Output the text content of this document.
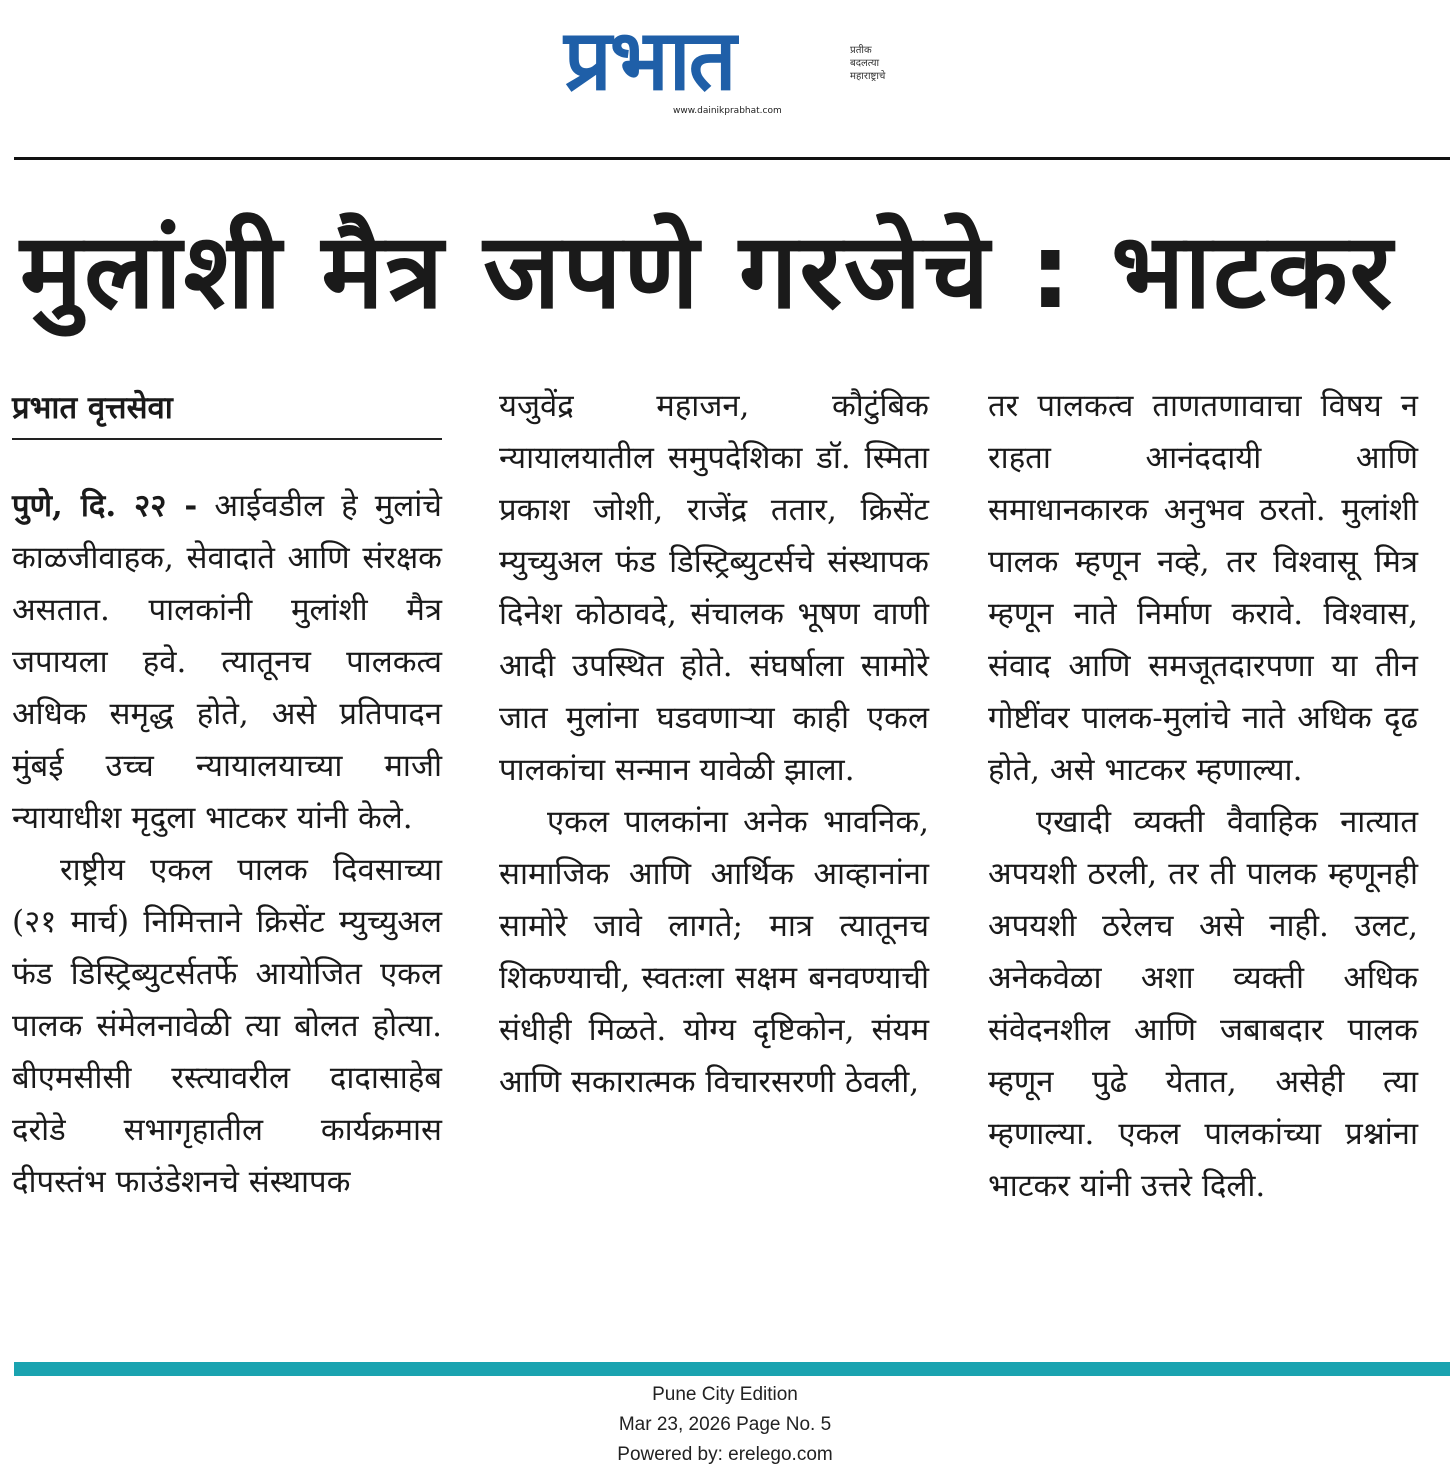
प्रभात	प्रतीक
बदलत्या
महाराष्ट्राचे
www.dainikprabhat.com
मुलांशी मैत्र जपणे गरजेचे : भाटकर
प्रभात वृत्तसेवा

पुणे, दि. २२ - आईवडील हे मुलांचे काळजीवाहक, सेवादाते आणि संरक्षक असतात. पालकांनी मुलांशी मैत्र जपायला हवे. त्यातूनच पालकत्व अधिक समृद्ध होते, असे प्रतिपादन मुंबई उच्च न्यायालयाच्या माजी न्यायाधीश मृदुला भाटकर यांनी केले.

राष्ट्रीय एकल पालक दिवसाच्या (२१ मार्च) निमित्ताने क्रिसेंट म्युच्युअल फंड डिस्ट्रिब्युटर्सतर्फे आयोजित एकल पालक संमेलनावेळी त्या बोलत होत्या. बीएमसीसी रस्त्यावरील दादासाहेब दरोडे सभागृहातील कार्यक्रमास दीपस्तंभ फाउंडेशनचे संस्थापक

यजुवेंद्र महाजन, कौटुंबिक न्यायालयातील समुपदेशिका डॉ. स्मिता प्रकाश जोशी, राजेंद्र ततार, क्रिसेंट म्युच्युअल फंड डिस्ट्रिब्युटर्सचे संस्थापक दिनेश कोठावदे, संचालक भूषण वाणी आदी उपस्थित होते. संघर्षाला सामोरे जात मुलांना घडवणाऱ्या काही एकल पालकांचा सन्मान यावेळी झाला.

एकल पालकांना अनेक भावनिक, सामाजिक आणि आर्थिक आव्हानांना सामोरे जावे लागते; मात्र त्यातूनच शिकण्याची, स्वतःला सक्षम बनवण्याची संधीही मिळते. योग्य दृष्टिकोन, संयम आणि सकारात्मक विचारसरणी ठेवली,

तर पालकत्व ताणतणावाचा विषय न राहता आनंददायी आणि समाधानकारक अनुभव ठरतो. मुलांशी पालक म्हणून नव्हे, तर विश्वासू मित्र म्हणून नाते निर्माण करावे. विश्वास, संवाद आणि समजूतदारपणा या तीन गोष्टींवर पालक-मुलांचे नाते अधिक दृढ होते, असे भाटकर म्हणाल्या.

एखादी व्यक्ती वैवाहिक नात्यात अपयशी ठरली, तर ती पालक म्हणूनही अपयशी ठरेलच असे नाही. उलट, अनेकवेळा अशा व्यक्ती अधिक संवेदनशील आणि जबाबदार पालक म्हणून पुढे येतात, असेही त्या म्हणाल्या. एकल पालकांच्या प्रश्नांना भाटकर यांनी उत्तरे दिली.

Pune City Edition
Mar 23, 2026 Page No. 5
Powered by: erelego.com
